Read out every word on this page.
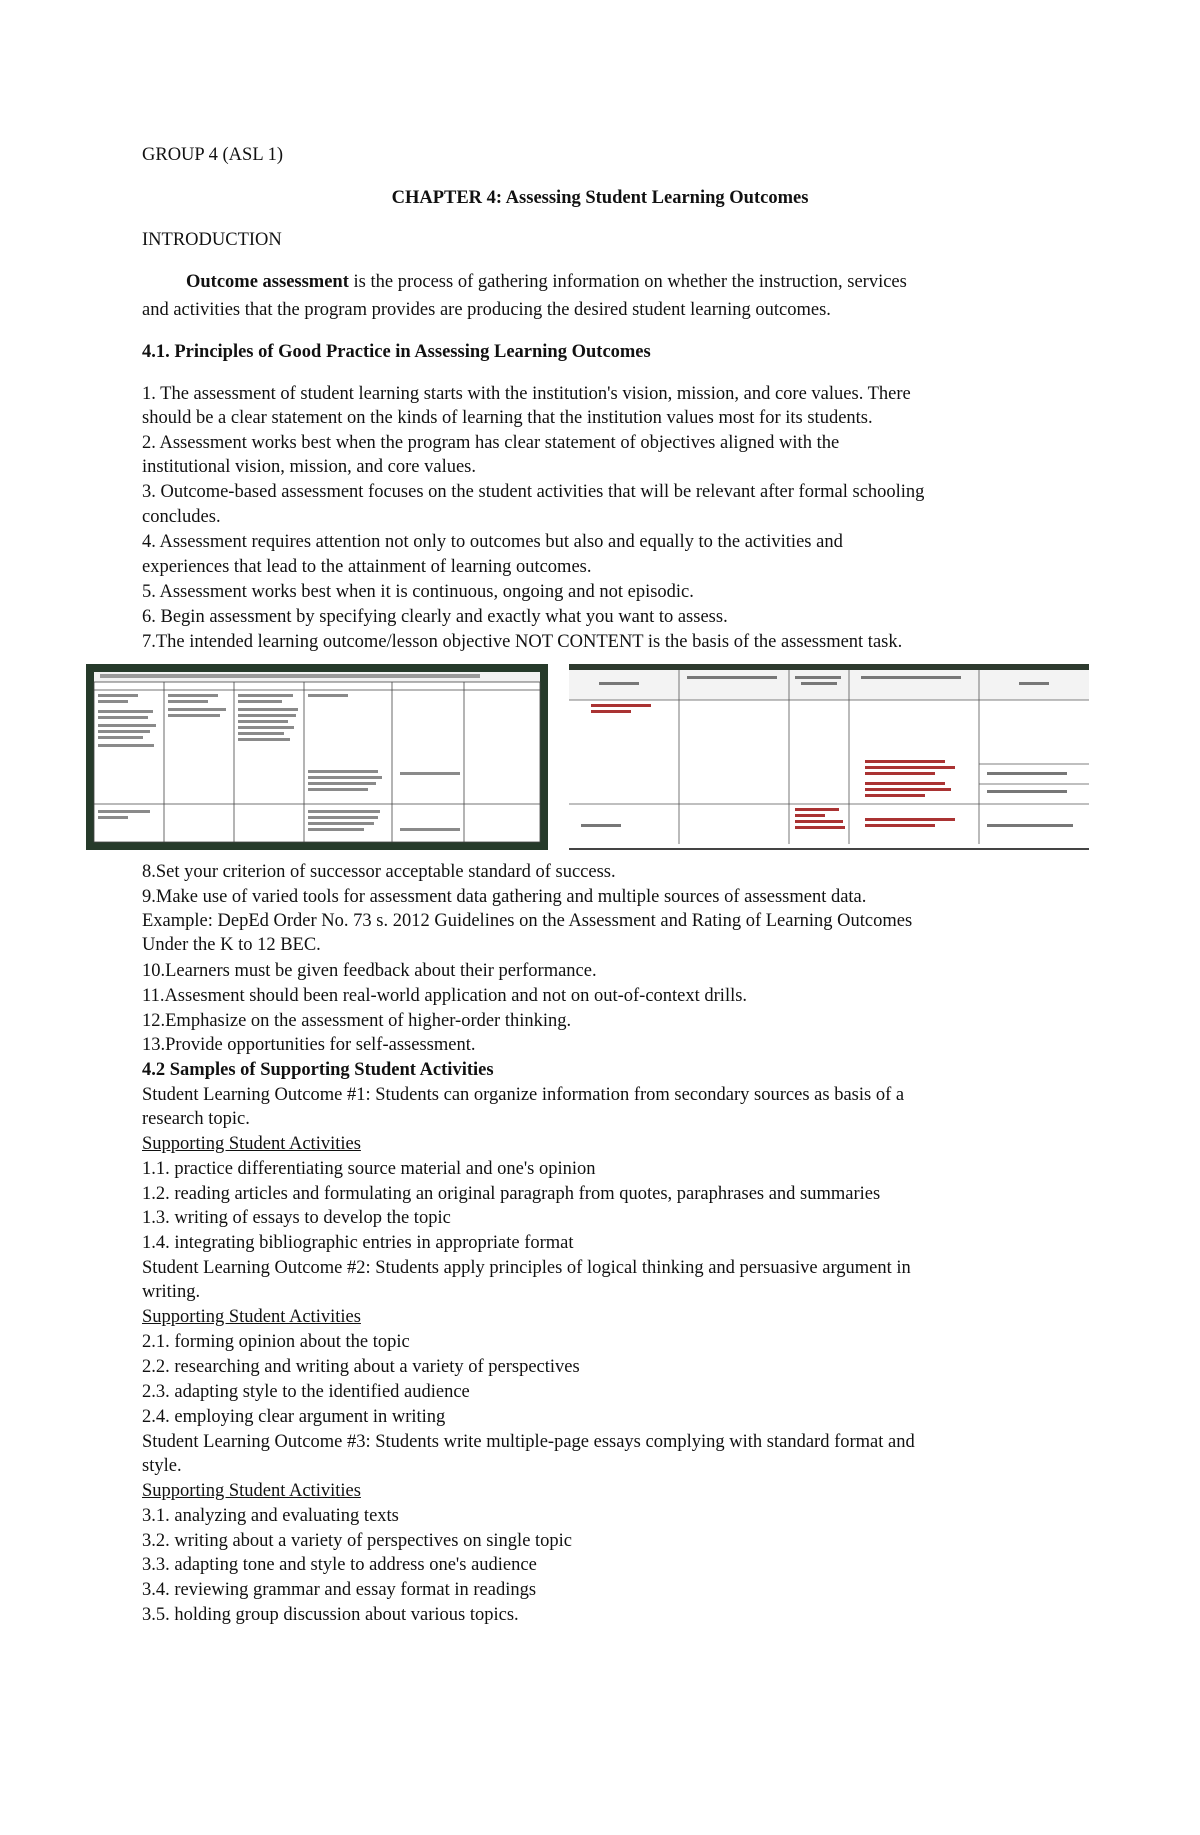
GROUP 4 (ASL 1)
CHAPTER 4: Assessing Student Learning Outcomes
INTRODUCTION
Outcome assessment is the process of gathering information on whether the instruction, services
and activities that the program provides are producing the desired student learning outcomes.
4.1. Principles of Good Practice in Assessing Learning Outcomes
1. The assessment of student learning starts with the institution's vision, mission, and core values. There
should be a clear statement on the kinds of learning that the institution values most for its students.
2. Assessment works best when the program has clear statement of objectives aligned with the
institutional vision, mission, and core values.
3. Outcome-based assessment focuses on the student activities that will be relevant after formal schooling
concludes.
4. Assessment requires attention not only to outcomes but also and equally to the activities and
experiences that lead to the attainment of learning outcomes.
5. Assessment works best when it is continuous, ongoing and not episodic.
6. Begin assessment by specifying clearly and exactly what you want to assess.
7.The intended learning outcome/lesson objective NOT CONTENT is the basis of the assessment task.
8.Set your criterion of successor acceptable standard of success.
9.Make use of varied tools for assessment data gathering and multiple sources of assessment data.
Example: DepEd Order No. 73 s. 2012 Guidelines on the Assessment and Rating of Learning Outcomes
Under the K to 12 BEC.
10.Learners must be given feedback about their performance.
11.Assesment should been real-world application and not on out-of-context drills.
12.Emphasize on the assessment of higher-order thinking.
13.Provide opportunities for self-assessment.
4.2 Samples of Supporting Student Activities
Student Learning Outcome #1: Students can organize information from secondary sources as basis of a
research topic.
Supporting Student Activities
1.1. practice differentiating source material and one's opinion
1.2. reading articles and formulating an original paragraph from quotes, paraphrases and summaries
1.3. writing of essays to develop the topic
1.4. integrating bibliographic entries in appropriate format
Student Learning Outcome #2: Students apply principles of logical thinking and persuasive argument in
writing.
Supporting Student Activities
2.1. forming opinion about the topic
2.2. researching and writing about a variety of perspectives
2.3. adapting style to the identified audience
2.4. employing clear argument in writing
Student Learning Outcome #3: Students write multiple-page essays complying with standard format and
style.
Supporting Student Activities
3.1. analyzing and evaluating texts
3.2. writing about a variety of perspectives on single topic
3.3. adapting tone and style to address one's audience
3.4. reviewing grammar and essay format in readings
3.5. holding group discussion about various topics.
